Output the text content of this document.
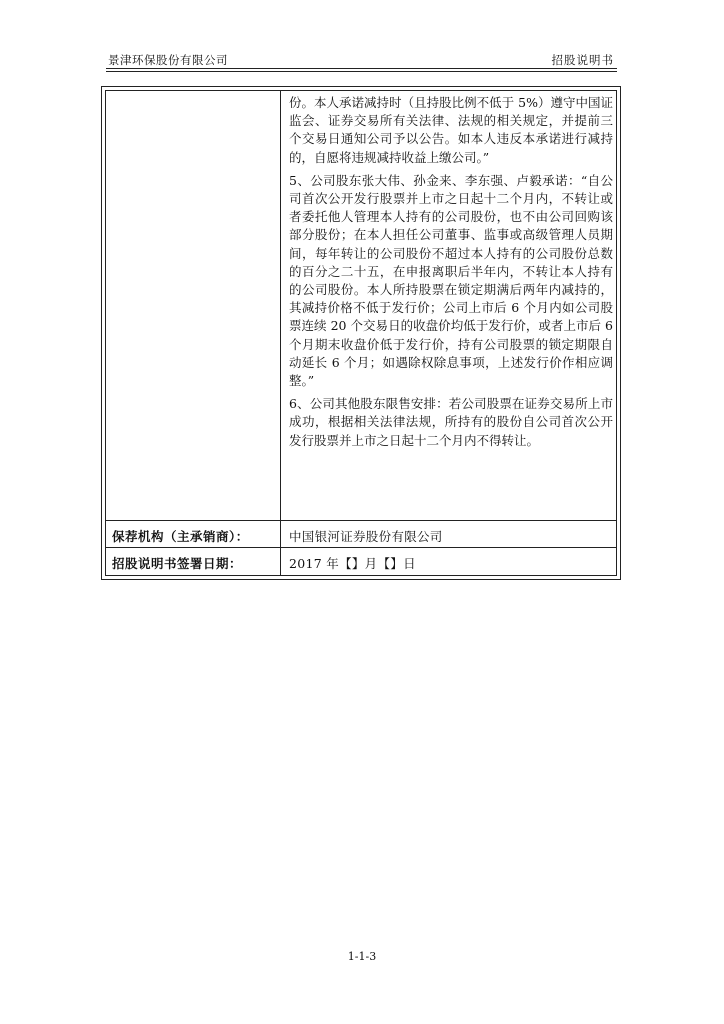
景津环保股份有限公司	招股说明书

份。本人承诺减持时（且持股比例不低于 5%）遵守中国证监会、证券交易所有关法律、法规的相关规定，并提前三个交易日通知公司予以公告。如本人违反本承诺进行减持的，自愿将违规减持收益上缴公司。”

5、公司股东张大伟、孙金来、李东强、卢毅承诺：“自公司首次公开发行股票并上市之日起十二个月内，不转让或者委托他人管理本人持有的公司股份，也不由公司回购该部分股份；在本人担任公司董事、监事或高级管理人员期间，每年转让的公司股份不超过本人持有的公司股份总数的百分之二十五，在申报离职后半年内，不转让本人持有的公司股份。本人所持股票在锁定期满后两年内减持的，其减持价格不低于发行价；公司上市后 6 个月内如公司股票连续 20 个交易日的收盘价均低于发行价，或者上市后 6 个月期末收盘价低于发行价，持有公司股票的锁定期限自动延长 6 个月；如遇除权除息事项，上述发行价作相应调整。”

6、公司其他股东限售安排：若公司股票在证券交易所上市成功，根据相关法律法规，所持有的股份自公司首次公开发行股票并上市之日起十二个月内不得转让。

保荐机构（主承销商）：	中国银河证券股份有限公司
招股说明书签署日期：	2017 年【】月【】日
1-1-3
